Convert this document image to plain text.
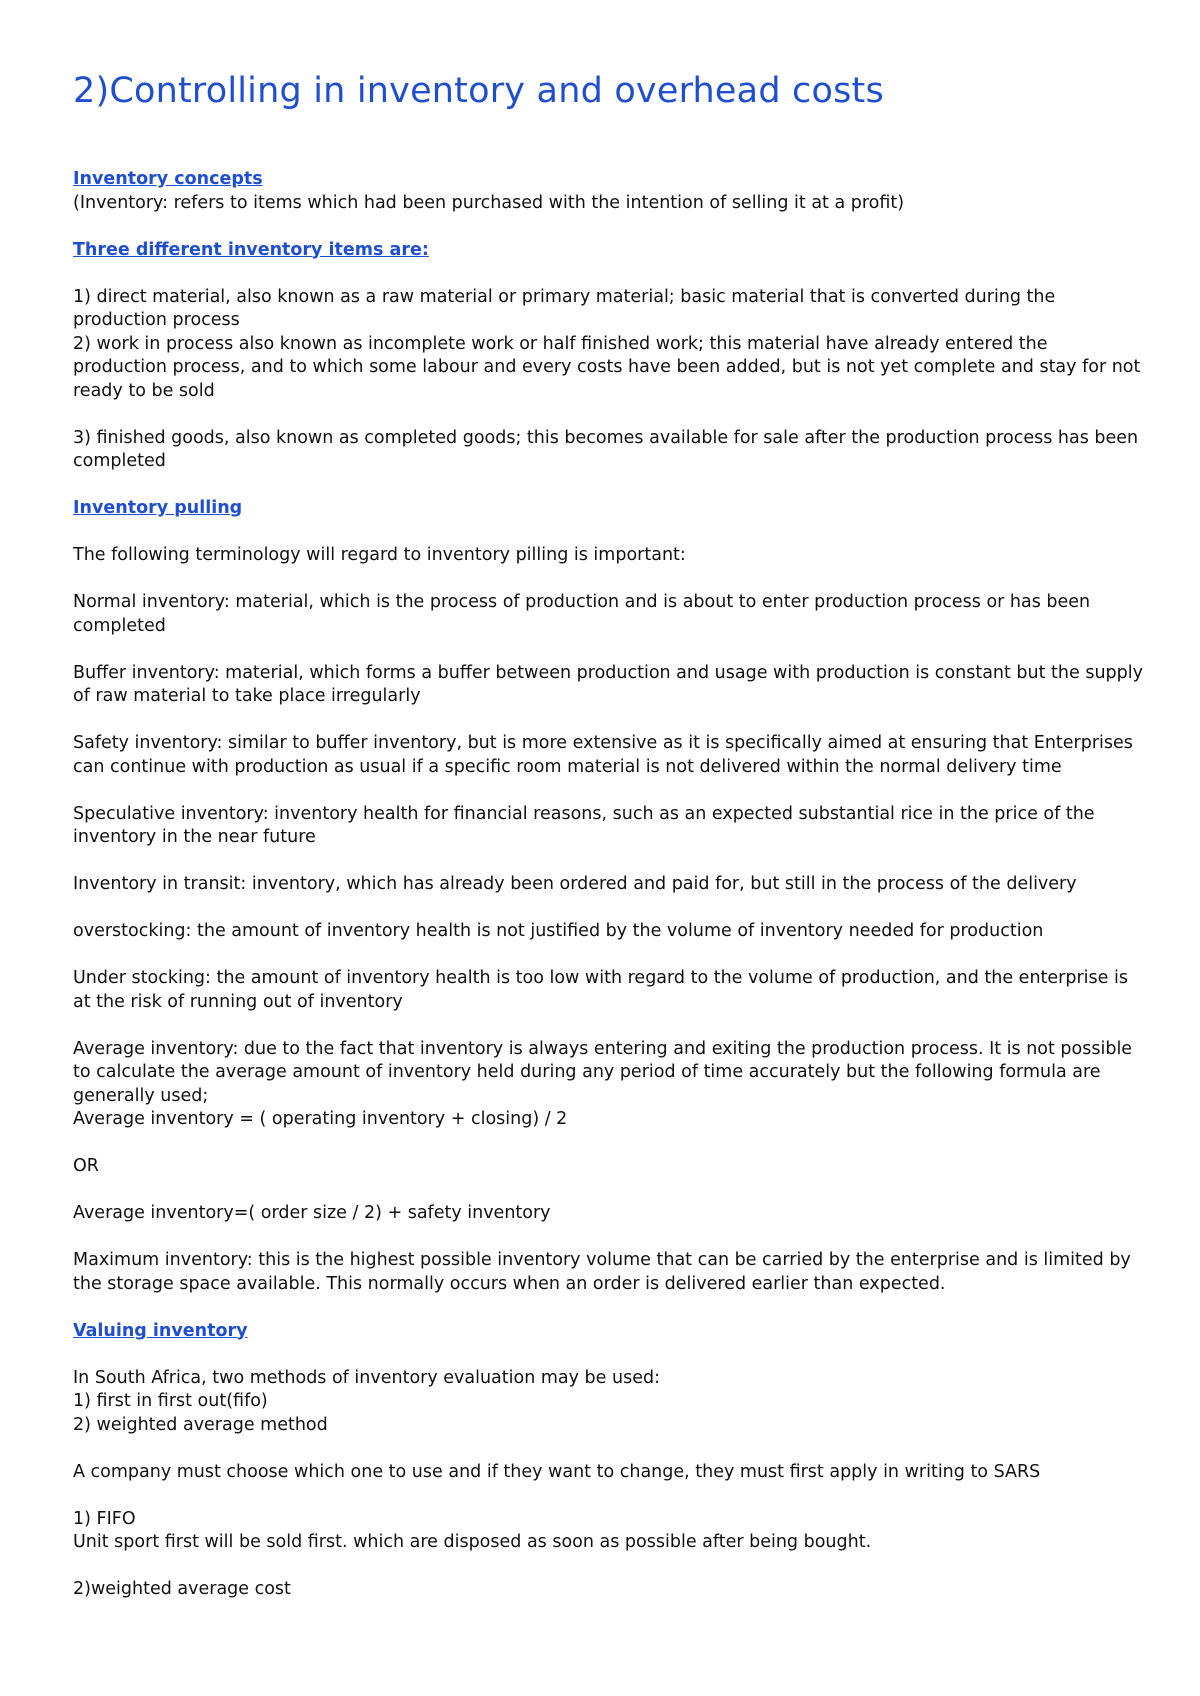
2)Controlling in inventory and overhead costs

Inventory concepts

(Inventory: refers to items which had been purchased with the intention of selling it at a profit)

Three different inventory items are:

1) direct material, also known as a raw material or primary material; basic material that is converted during the production process

2) work in process also known as incomplete work or half finished work; this material have already entered the production process, and to which some labour and every costs have been added, but is not yet complete and stay for not ready to be sold

3) finished goods, also known as completed goods; this becomes available for sale after the production process has been completed

Inventory pulling

The following terminology will regard to inventory pilling is important:

Normal inventory: material, which is the process of production and is about to enter production process or has been completed

Buffer inventory: material, which forms a buffer between production and usage with production is constant but the supply of raw material to take place irregularly

Safety inventory: similar to buffer inventory, but is more extensive as it is specifically aimed at ensuring that Enterprises can continue with production as usual if a specific room material is not delivered within the normal delivery time

Speculative inventory: inventory health for financial reasons, such as an expected substantial rice in the price of the inventory in the near future

Inventory in transit: inventory, which has already been ordered and paid for, but still in the process of the delivery

overstocking: the amount of inventory health is not justified by the volume of inventory needed for production

Under stocking: the amount of inventory health is too low with regard to the volume of production, and the enterprise is at the risk of running out of inventory

Average inventory: due to the fact that inventory is always entering and exiting the production process. It is not possible to calculate the average amount of inventory held during any period of time accurately but the following formula are generally used;

Average inventory = ( operating inventory + closing) / 2

OR

Average inventory=( order size / 2) + safety inventory

Maximum inventory: this is the highest possible inventory volume that can be carried by the enterprise and is limited by the storage space available. This normally occurs when an order is delivered earlier than expected.

Valuing inventory

In South Africa, two methods of inventory evaluation may be used:

1) first in first out(fifo)

2) weighted average method

A company must choose which one to use and if they want to change, they must first apply in writing to SARS

1) FIFO

Unit sport first will be sold first. which are disposed as soon as possible after being bought.

2)weighted average cost
